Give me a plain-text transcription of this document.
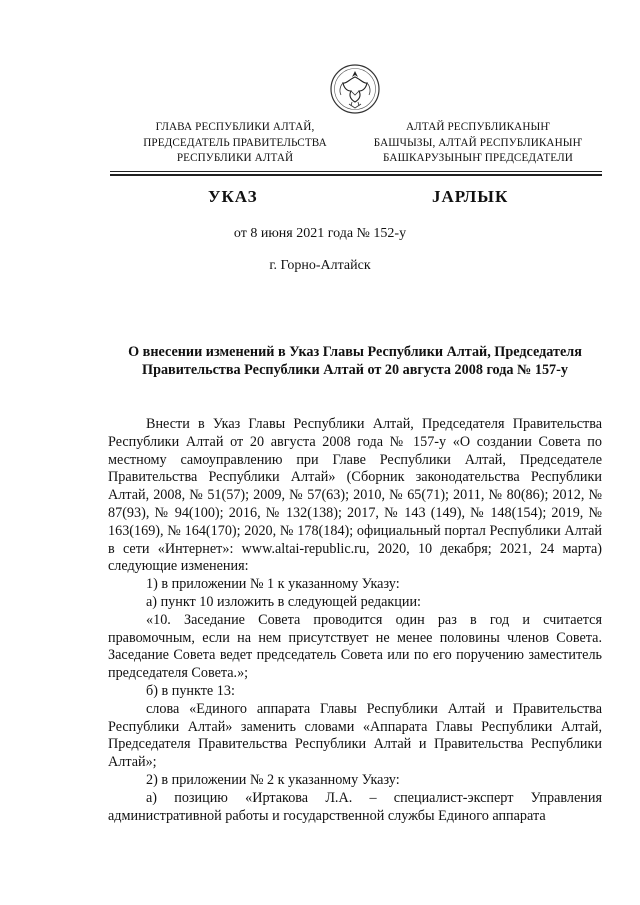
ГЛАВА РЕСПУБЛИКИ АЛТАЙ,
ПРЕДСЕДАТЕЛЬ ПРАВИТЕЛЬСТВА
РЕСПУБЛИКИ АЛТАЙ
АЛТАЙ РЕСПУБЛИКАНЫҤ
БАШЧЫЗЫ, АЛТАЙ РЕСПУБЛИКАНЫҤ
БАШКАРУЗЫНЫҤ ПРЕДСЕДАТЕЛИ
УКАЗ	ЈАРЛЫК
от 8 июня 2021 года № 152-у
г. Горно-Алтайск
О внесении изменений в Указ Главы Республики Алтай, Председателя Правительства Республики Алтай от 20 августа 2008 года № 157-у

Внести в Указ Главы Республики Алтай, Председателя Правительства Республики Алтай от 20 августа 2008 года № 157-у «О создании Совета по местному самоуправлению при Главе Республики Алтай, Председателе Правительства Республики Алтай» (Сборник законодательства Республики Алтай, 2008, № 51(57); 2009, № 57(63); 2010, № 65(71); 2011, № 80(86); 2012, № 87(93), № 94(100); 2016, № 132(138); 2017, № 143 (149), № 148(154); 2019, № 163(169), № 164(170); 2020, № 178(184); официальный портал Республики Алтай в сети «Интернет»: www.altai-republic.ru, 2020, 10 декабря; 2021, 24 марта) следующие изменения:

1) в приложении № 1 к указанному Указу:

а) пункт 10 изложить в следующей редакции:

«10. Заседание Совета проводится один раз в год и считается правомочным, если на нем присутствует не менее половины членов Совета. Заседание Совета ведет председатель Совета или по его поручению заместитель председателя Совета.»;

б) в пункте 13:

слова «Единого аппарата Главы Республики Алтай и Правительства Республики Алтай» заменить словами «Аппарата Главы Республики Алтай, Председателя Правительства Республики Алтай и Правительства Республики Алтай»;

2) в приложении № 2 к указанному Указу:

а) позицию «Иртакова Л.А. – специалист-эксперт Управления административной работы и государственной службы Единого аппарата
